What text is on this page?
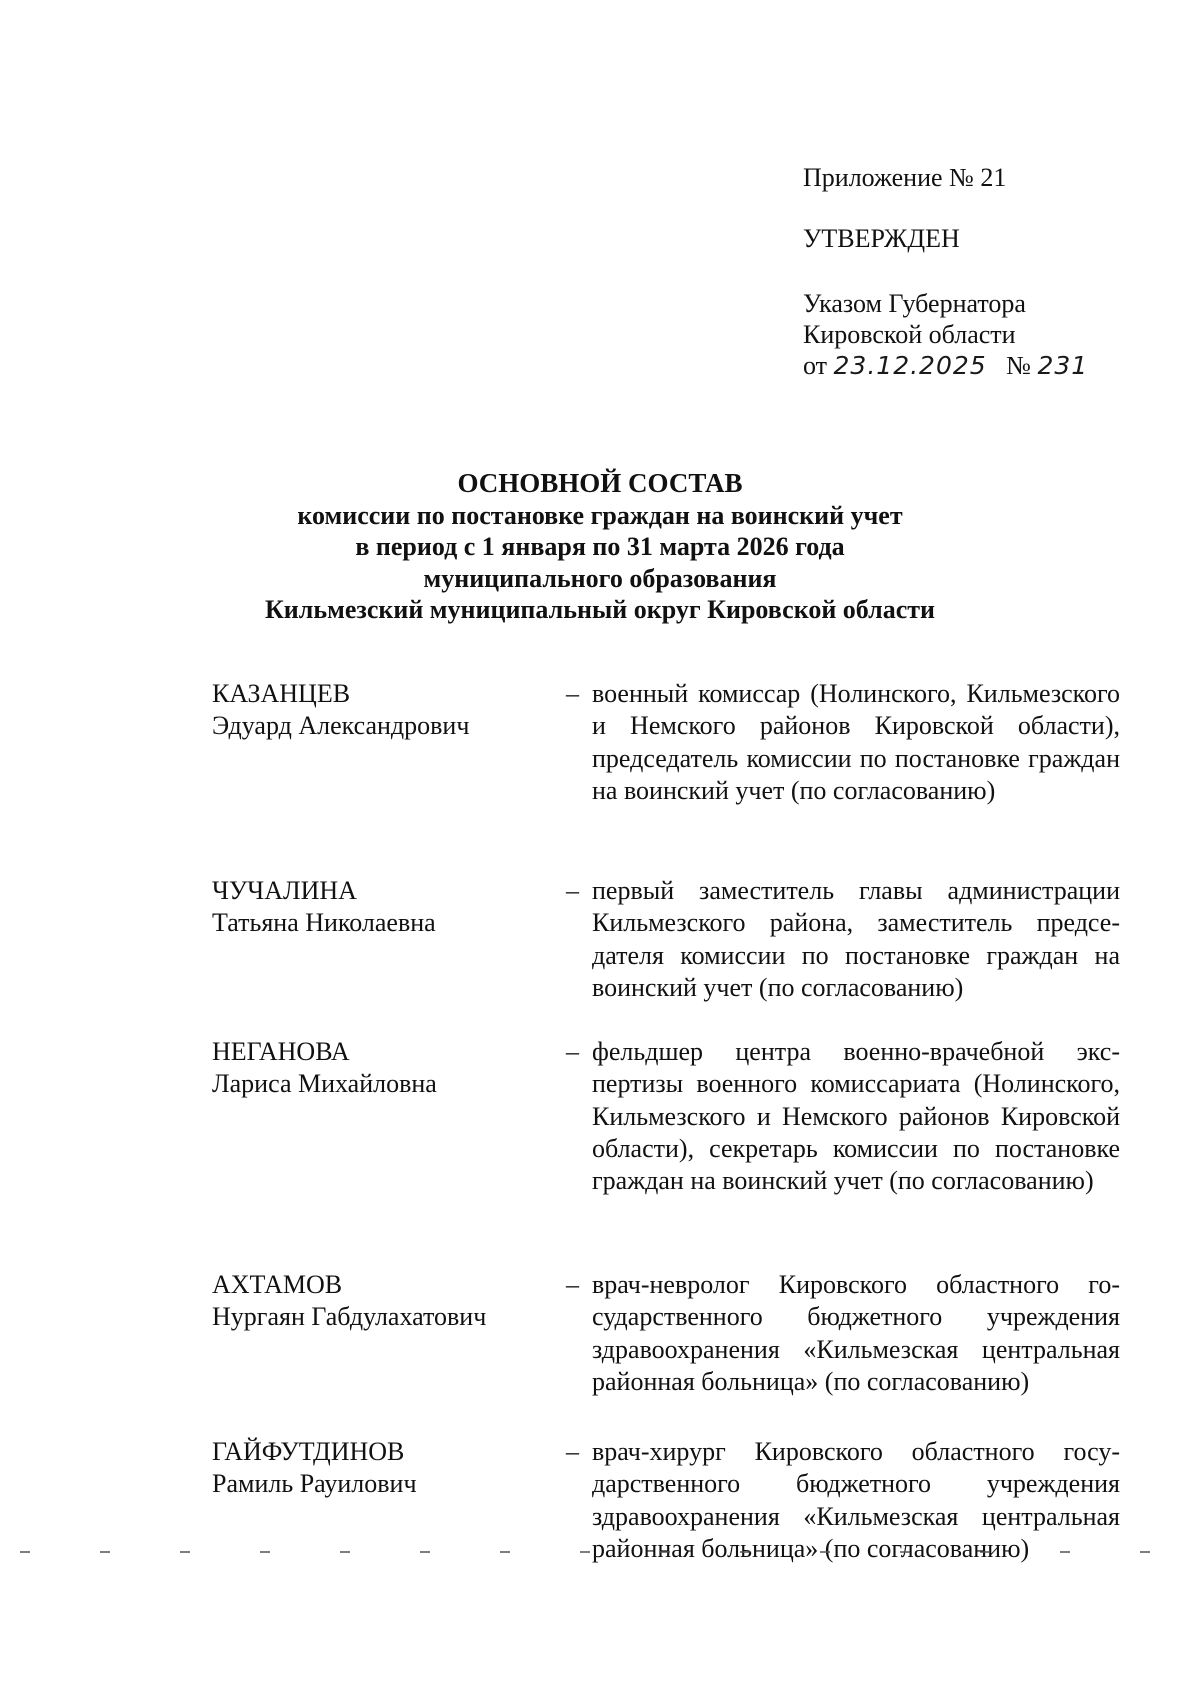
Приложение № 21
УТВЕРЖДЕН
Указом Губернатора
Кировской области
от 23.12.2025 № 231
ОСНОВНОЙ СОСТАВ
комиссии по постановке граждан на воинский учет
в период с 1 января по 31 марта 2026 года
муниципального образования
Кильмезский муниципальный округ Кировской области
КАЗАНЦЕВ
Эдуард Александрович
– военный комиссар (Нолинского, Кильмезского и Немского районов Кировской области), председатель комиссии по постановке граждан на воинский учет (по согласованию)
ЧУЧАЛИНА
Татьяна Николаевна
– первый заместитель главы администрации Кильмезского района, заместитель председателя комиссии по постановке граждан на воинский учет (по согласованию)
НЕГАНОВА
Лариса Михайловна
– фельдшер центра военно-врачебной экспертизы военного комиссариата (Нолинского, Кильмезского и Немского районов Кировской области), секретарь комиссии по постановке граждан на воинский учет (по согласованию)
АХТАМОВ
Нургаян Габдулахатович
– врач-невролог Кировского областного государственного бюджетного учреждения здравоохранения «Кильмезская центральная районная больница» (по согласованию)
ГАЙФУТДИНОВ
Рамиль Рауилович
– врач-хирург Кировского областного государственного бюджетного учреждения здравоохранения «Кильмезская центральная районная больница» (по согласованию)
